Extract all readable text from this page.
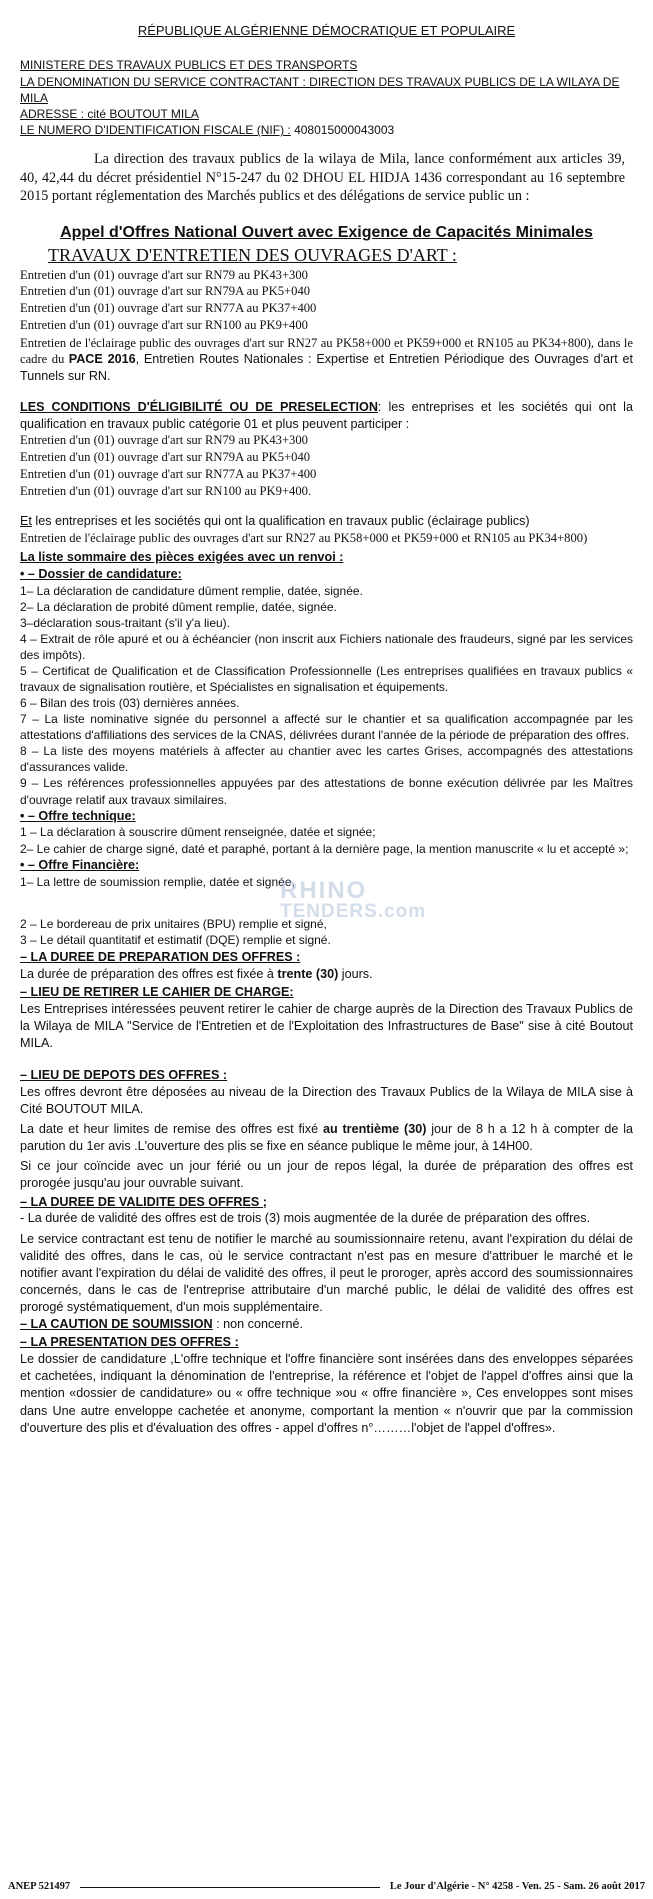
RÉPUBLIQUE ALGÉRIENNE DÉMOCRATIQUE ET POPULAIRE
MINISTERE DES TRAVAUX PUBLICS ET DES TRANSPORTS
LA DENOMINATION DU SERVICE CONTRACTANT : DIRECTION DES TRAVAUX PUBLICS DE LA WILAYA DE MILA
ADRESSE : cité BOUTOUT MILA
LE NUMERO D'IDENTIFICATION FISCALE (NIF) : 408015000043003

La direction des travaux publics de la wilaya de Mila, lance conformément aux articles 39, 40, 42,44 du décret présidentiel N°15-247 du 02 DHOU EL HIDJA 1436 correspondant au 16 septembre 2015 portant réglementation des Marchés publics et des délégations de service public un :

Appel d'Offres National Ouvert avec Exigence de Capacités Minimales
TRAVAUX D'ENTRETIEN DES OUVRAGES D'ART :
Entretien d'un (01) ouvrage d'art sur RN79 au PK43+300
Entretien d'un (01) ouvrage d'art sur RN79A au PK5+040
Entretien d'un (01) ouvrage d'art sur RN77A au PK37+400
Entretien d'un (01) ouvrage d'art sur RN100 au PK9+400

Entretien de l'éclairage public des ouvrages d'art sur RN27 au PK58+000 et PK59+000 et RN105 au PK34+800), dans le cadre du PACE 2016, Entretien Routes Nationales : Expertise et Entretien Périodique des Ouvrages d'art et Tunnels sur RN.

LES CONDITIONS D'ÉLIGIBILITÉ OU DE PRESELECTION: les entreprises et les sociétés qui ont la qualification en travaux public catégorie 01 et plus peuvent participer :

Entretien d'un (01) ouvrage d'art sur RN79 au PK43+300
Entretien d'un (01) ouvrage d'art sur RN79A au PK5+040
Entretien d'un (01) ouvrage d'art sur RN77A au PK37+400
Entretien d'un (01) ouvrage d'art sur RN100 au PK9+400.

Et les entreprises et les sociétés qui ont la qualification en travaux public (éclairage publics)

Entretien de l'éclairage public des ouvrages d'art sur RN27 au PK58+000 et PK59+000 et RN105 au PK34+800)

La liste sommaire des pièces exigées avec un renvoi :
• – Dossier de candidature:
1– La déclaration de candidature dûment remplie, datée, signée.
2– La déclaration de probité dûment remplie, datée, signée.
3–déclaration sous-traitant (s'il y'a lieu).
4 – Extrait de rôle apuré et ou à échéancier (non inscrit aux Fichiers nationale des fraudeurs, signé par les services des impôts).
5 – Certificat de Qualification et de Classification Professionnelle (Les entreprises qualifiées en travaux publics « travaux de signalisation routière, et Spécialistes en signalisation et équipements.
6 – Bilan des trois (03) dernières années.
7 – La liste nominative signée du personnel a affecté sur le chantier et sa qualification accompagnée par les attestations d'affiliations des services de la CNAS, délivrées durant l'année de la période de préparation des offres.
8 – La liste des moyens matériels à affecter au chantier avec les cartes Grises, accompagnés des attestations d'assurances valide.
9 – Les références professionnelles appuyées par des attestations de bonne exécution délivrée par les Maîtres d'ouvrage relatif aux travaux similaires.
• – Offre technique:
1 – La déclaration à souscrire dûment renseignée, datée et signée;
2– Le cahier de charge signé, daté et paraphé, portant à la dernière page, la mention manuscrite « lu et accepté »;
• – Offre Financière:
1– La lettre de soumission remplie, datée et signée,
2 – Le bordereau de prix unitaires (BPU) remplie et signé,
3 – Le détail quantitatif et estimatif (DQE) remplie et signé.
– LA DUREE DE PREPARATION DES OFFRES :

La durée de préparation des offres est fixée à trente (30) jours.

– LIEU DE RETIRER LE CAHIER DE CHARGE:

Les Entreprises intéressées peuvent retirer le cahier de charge auprès de la Direction des Travaux Publics de la Wilaya de MILA "Service de l'Entretien et de l'Exploitation des Infrastructures de Base" sise à cité Boutout MILA.

– LIEU DE DEPOTS DES OFFRES :

Les offres devront être déposées au niveau de la Direction des Travaux Publics de la Wilaya de MILA sise à Cité BOUTOUT MILA.

La date et heur limites de remise des offres est fixé au trentième (30) jour de 8 h a 12 h à compter de la parution du 1er avis .L'ouverture des plis se fixe en séance publique le même jour, à 14H00.

Si ce jour coïncide avec un jour férié ou un jour de repos légal, la durée de préparation des offres est prorogée jusqu'au jour ouvrable suivant.

– LA DUREE DE VALIDITE DES OFFRES ;

- La durée de validité des offres est de trois (3) mois augmentée de la durée de préparation des offres.

Le service contractant est tenu de notifier le marché au soumissionnaire retenu, avant l'expiration du délai de validité des offres, dans le cas, où le service contractant n'est pas en mesure d'attribuer le marché et le notifier avant l'expiration du délai de validité des offres, il peut le proroger, après accord des soumissionnaires concernés, dans le cas de l'entreprise attributaire d'un marché public, le délai de validité des offres est prorogé systématiquement, d'un mois supplémentaire.

– LA CAUTION DE SOUMISSION : non concerné.

– LA PRESENTATION DES OFFRES :

Le dossier de candidature ,L'offre technique et l'offre financière sont insérées dans des enveloppes séparées et cachetées, indiquant la dénomination de l'entreprise, la référence et l'objet de l'appel d'offres ainsi que la mention «dossier de candidature» ou « offre technique »ou « offre financière », Ces enveloppes sont mises dans Une autre enveloppe cachetée et anonyme, comportant la mention « n'ouvrir que par la commission d'ouverture des plis et d'évaluation des offres - appel d'offres n°………l'objet de l'appel d'offres».

RHINO
TENDERS.com
ANEP 521497	Le Jour d'Algérie - N° 4258 - Ven. 25 - Sam. 26 août 2017
